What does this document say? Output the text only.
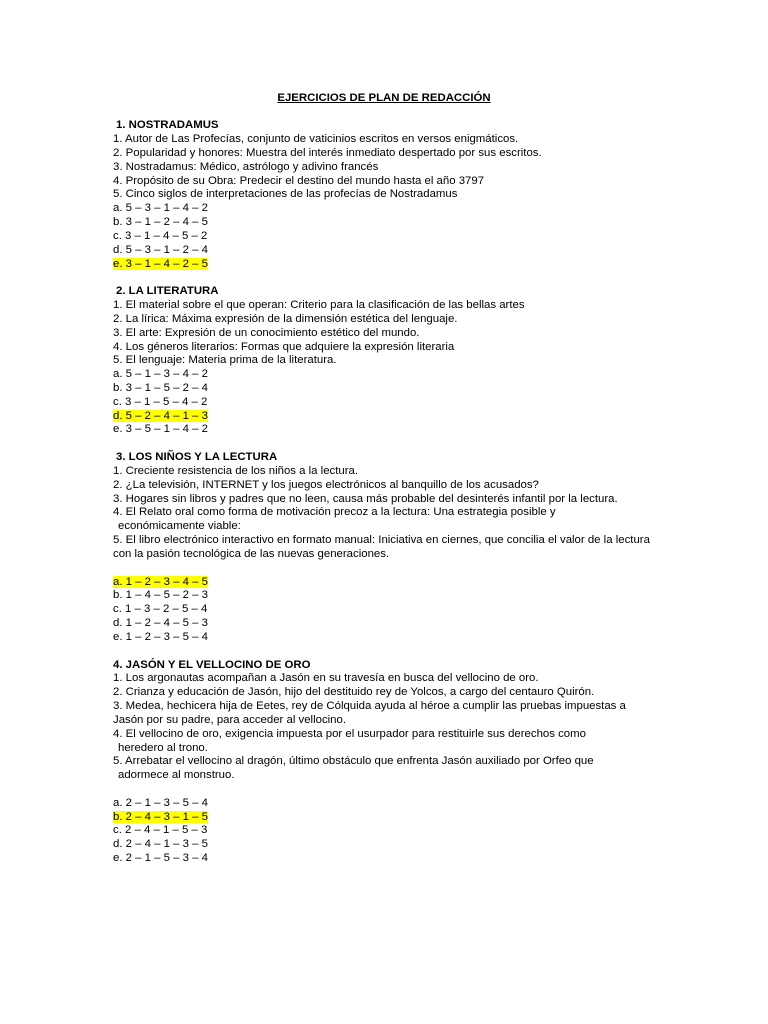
EJERCICIOS DE PLAN DE REDACCIÓN
1. NOSTRADAMUS
1. Autor de Las Profecías, conjunto de vaticinios escritos en versos enigmáticos.
2. Popularidad y honores: Muestra del interés inmediato despertado por sus escritos.
3. Nostradamus: Médico, astrólogo y adivino francés
4. Propósito de su Obra: Predecir el destino del mundo hasta el año 3797
5. Cinco siglos de interpretaciones de las profecías de Nostradamus
a. 5 – 3 – 1 – 4 – 2
b. 3 – 1 – 2 – 4 – 5
c. 3 – 1 – 4 – 5 – 2
d. 5 – 3 – 1 – 2 – 4
e. 3 – 1 – 4 – 2 – 5
2. LA LITERATURA
1. El material sobre el que operan: Criterio para la clasificación de las bellas artes
2. La lírica: Máxima expresión de la dimensión estética del lenguaje.
3. El arte: Expresión de un conocimiento estético del mundo.
4. Los géneros literarios: Formas que adquiere la expresión literaria
5. El lenguaje: Materia prima de la literatura.
a. 5 – 1 – 3 – 4 – 2
b. 3 – 1 – 5 – 2 – 4
c. 3 – 1 – 5 – 4 – 2
d. 5 – 2 – 4 – 1 – 3
e. 3 – 5 – 1 – 4 – 2
3. LOS NIÑOS Y LA LECTURA
1. Creciente resistencia de los niños a la lectura.
2. ¿La televisión, INTERNET y los juegos electrónicos al banquillo de los acusados?
3. Hogares sin libros y padres que no leen, causa más probable del desinterés infantil por la lectura.
4. El Relato oral como forma de motivación precoz a la lectura: Una estrategia posible y
económicamente viable:
5. El libro electrónico interactivo en formato manual: Iniciativa en ciernes, que concilia el valor de la lectura
con la pasión tecnológica de las nuevas generaciones.
a. 1 – 2 – 3 – 4 – 5
b. 1 – 4 – 5 – 2 – 3
c. 1 – 3 – 2 – 5 – 4
d. 1 – 2 – 4 – 5 – 3
e. 1 – 2 – 3 – 5 – 4
4. JASÓN Y EL VELLOCINO DE ORO
1. Los argonautas acompañan a Jasón en su travesía en busca del vellocino de oro.
2. Crianza y educación de Jasón, hijo del destituido rey de Yolcos, a cargo del centauro Quirón.
3. Medea, hechicera hija de Eetes, rey de Cólquida ayuda al héroe a cumplir las pruebas impuestas a
Jasón por su padre, para acceder al vellocino.
4. El vellocino de oro, exigencia impuesta por el usurpador para restituirle sus derechos como
heredero al trono.
5. Arrebatar el vellocino al dragón, último obstáculo que enfrenta Jasón auxiliado por Orfeo que
adormece al monstruo.
a. 2 – 1 – 3 – 5 – 4
b. 2 – 4 – 3 – 1 – 5
c. 2 – 4 – 1 – 5 – 3
d. 2 – 4 – 1 – 3 – 5
e. 2 – 1 – 5 – 3 – 4
